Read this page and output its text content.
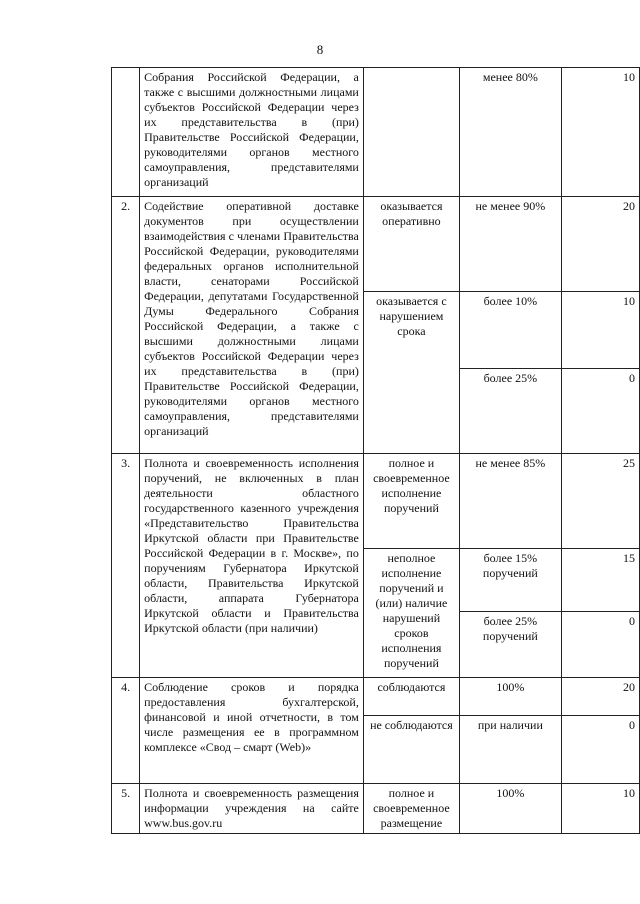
8
	Собрания Российской Федерации, а также с высшими должностными лицами субъектов Российской Федерации через их представительства в (при) Правительстве Российской Федерации, руководителями органов местного самоуправления, представителями организаций		менее 80%	10
2.	Содействие оперативной доставке документов при осуществлении взаимодействия с членами Правительства Российской Федерации, руководителями федеральных органов исполнительной власти, сенаторами Российской Федерации, депутатами Государственной Думы Федерального Собрания Российской Федерации, а также с высшими должностными лицами субъектов Российской Федерации через их представительства в (при) Правительстве Российской Федерации, руководителями органов местного самоуправления, представителями организаций	оказывается оперативно	не менее 90%	20
		оказывается с нарушением срока	более 10%	10
			более 25%	0
3.	Полнота и своевременность исполнения поручений, не включенных в план деятельности областного государственного казенного учреждения «Представительство Правительства Иркутской области при Правительстве Российской Федерации в г. Москве», по поручениям Губернатора Иркутской области, Правительства Иркутской области, аппарата Губернатора Иркутской области и Правительства Иркутской области (при наличии)	полное и своевременное исполнение поручений	не менее 85%	25
		неполное исполнение поручений и (или) наличие нарушений сроков исполнения поручений	более 15% поручений	15
			более 25% поручений	0
4.	Соблюдение сроков и порядка предоставления бухгалтерской, финансовой и иной отчетности, в том числе размещения ее в программном комплексе «Свод – смарт (Web)»	соблюдаются	100%	20
		не соблюдаются	при наличии	0
5.	Полнота и своевременность размещения информации учреждения на сайте www.bus.gov.ru	полное и своевременное размещение	100%	10
